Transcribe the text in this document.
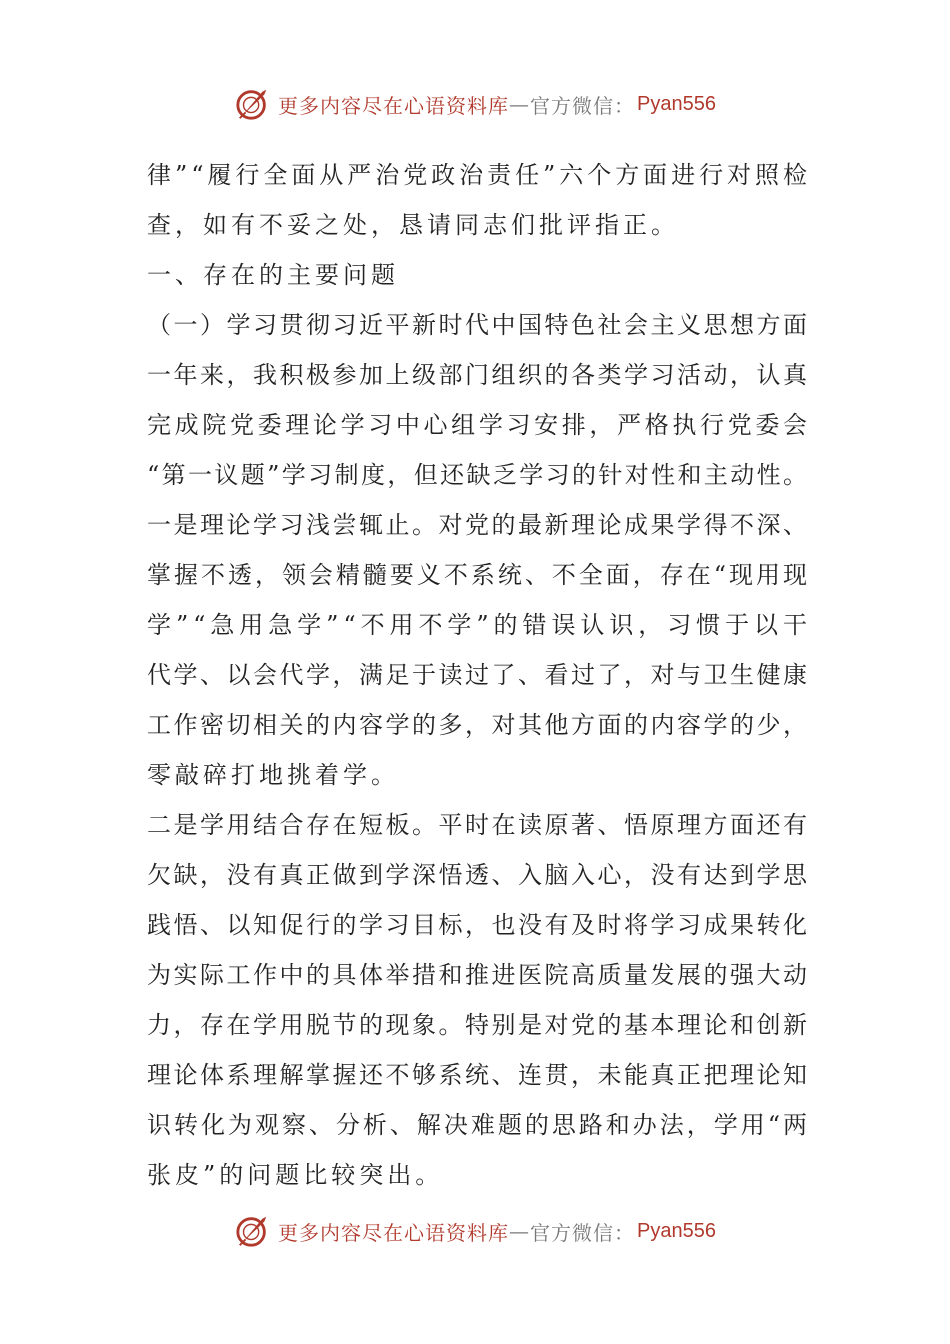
更多内容尽在心语资料库 — 官方微信： Pyan556
律”“履行全面从严治党政治责任”六个方面进行对照检
查，如有不妥之处，恳请同志们批评指正。
一、存在的主要问题
（一）学习贯彻习近平新时代中国特色社会主义思想方面
一年来，我积极参加上级部门组织的各类学习活动，认真
完成院党委理论学习中心组学习安排，严格执行党委会
“第一议题”学习制度，但还缺乏学习的针对性和主动性。
一是理论学习浅尝辄止。对党的最新理论成果学得不深、
掌握不透，领会精髓要义不系统、不全面，存在“现用现
学”“急用急学”“不用不学”的错误认识，习惯于以干
代学、以会代学，满足于读过了、看过了，对与卫生健康
工作密切相关的内容学的多，对其他方面的内容学的少，
零敲碎打地挑着学。
二是学用结合存在短板。平时在读原著、悟原理方面还有
欠缺，没有真正做到学深悟透、入脑入心，没有达到学思
践悟、以知促行的学习目标，也没有及时将学习成果转化
为实际工作中的具体举措和推进医院高质量发展的强大动
力，存在学用脱节的现象。特别是对党的基本理论和创新
理论体系理解掌握还不够系统、连贯，未能真正把理论知
识转化为观察、分析、解决难题的思路和办法，学用“两
张皮”的问题比较突出。
更多内容尽在心语资料库 — 官方微信： Pyan556
